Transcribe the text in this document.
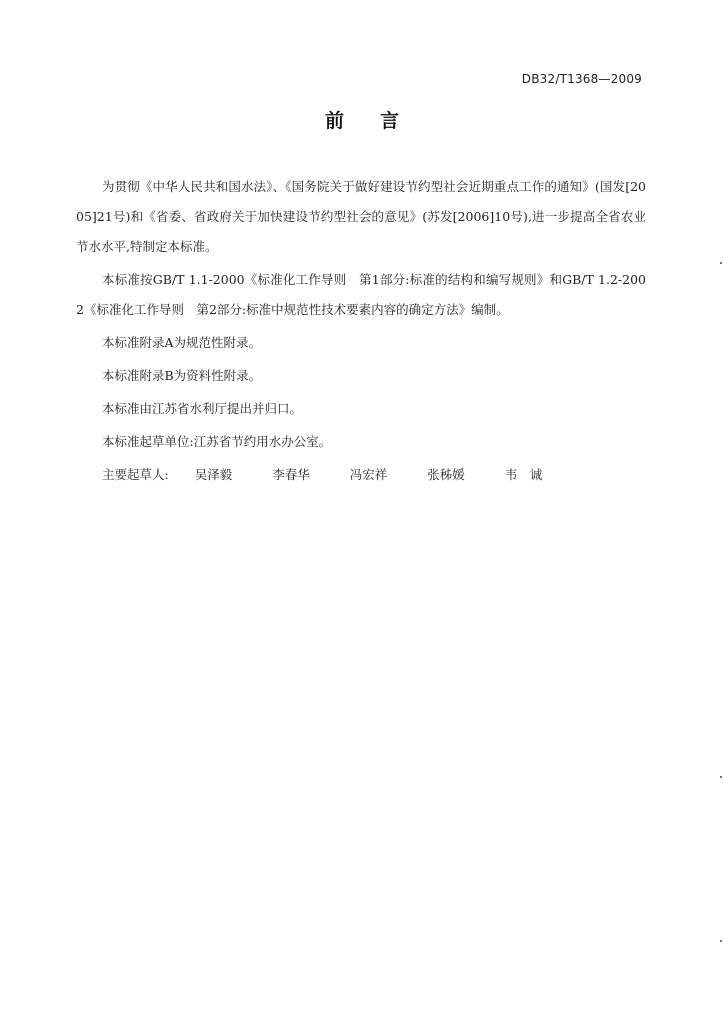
DB32/T1368—2009
前 言

为贯彻《中华人民共和国水法》、《国务院关于做好建设节约型社会近期重点工作的通知》(国发[2005]21号)和《省委、省政府关于加快建设节约型社会的意见》(苏发[2006]10号),进一步提高全省农业节水水平,特制定本标准。

本标准按GB/T 1.1-2000《标准化工作导则　第1部分:标准的结构和编写规则》和GB/T 1.2-2002《标准化工作导则　第2部分:标准中规范性技术要素内容的确定方法》编制。

本标准附录A为规范性附录。

本标准附录B为资料性附录。

本标准由江苏省水利厅提出并归口。

本标准起草单位:江苏省节约用水办公室。

主要起草人: 吴泽毅	李春华	冯宏祥	张秭媛	韦　诚
